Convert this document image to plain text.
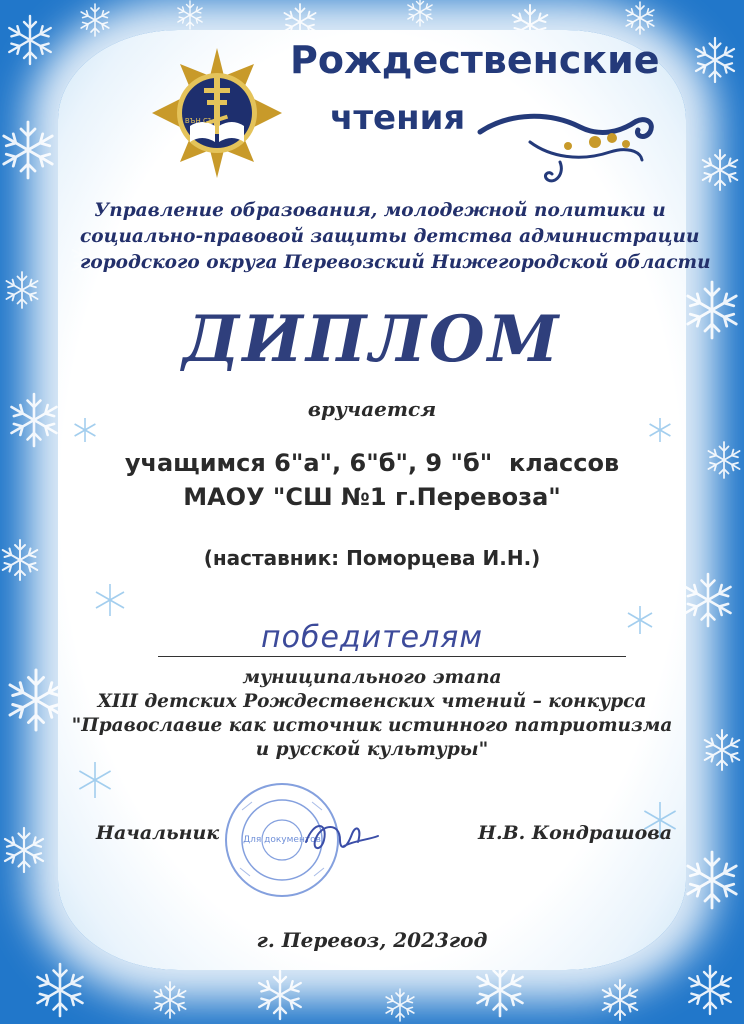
ВЪН СЪД
Рождественские
чтения
Управление образования, молодежной политики и
социально-правовой защиты детства администрации
городского округа Перевозский Нижегородской области
ДИПЛОМ
вручается
учащимся 6"а", 6"б", 9 "б"  классов
МАОУ "СШ №1 г.Перевоза"
(наставник: Поморцева И.Н.)
победителям
муниципального этапа
XIII детских Рождественских чтений – конкурса
"Православие как источник истинного патриотизма
и русской культуры"
Для документов
Начальник	Н.В. Кондрашова
г. Перевоз, 2023год
